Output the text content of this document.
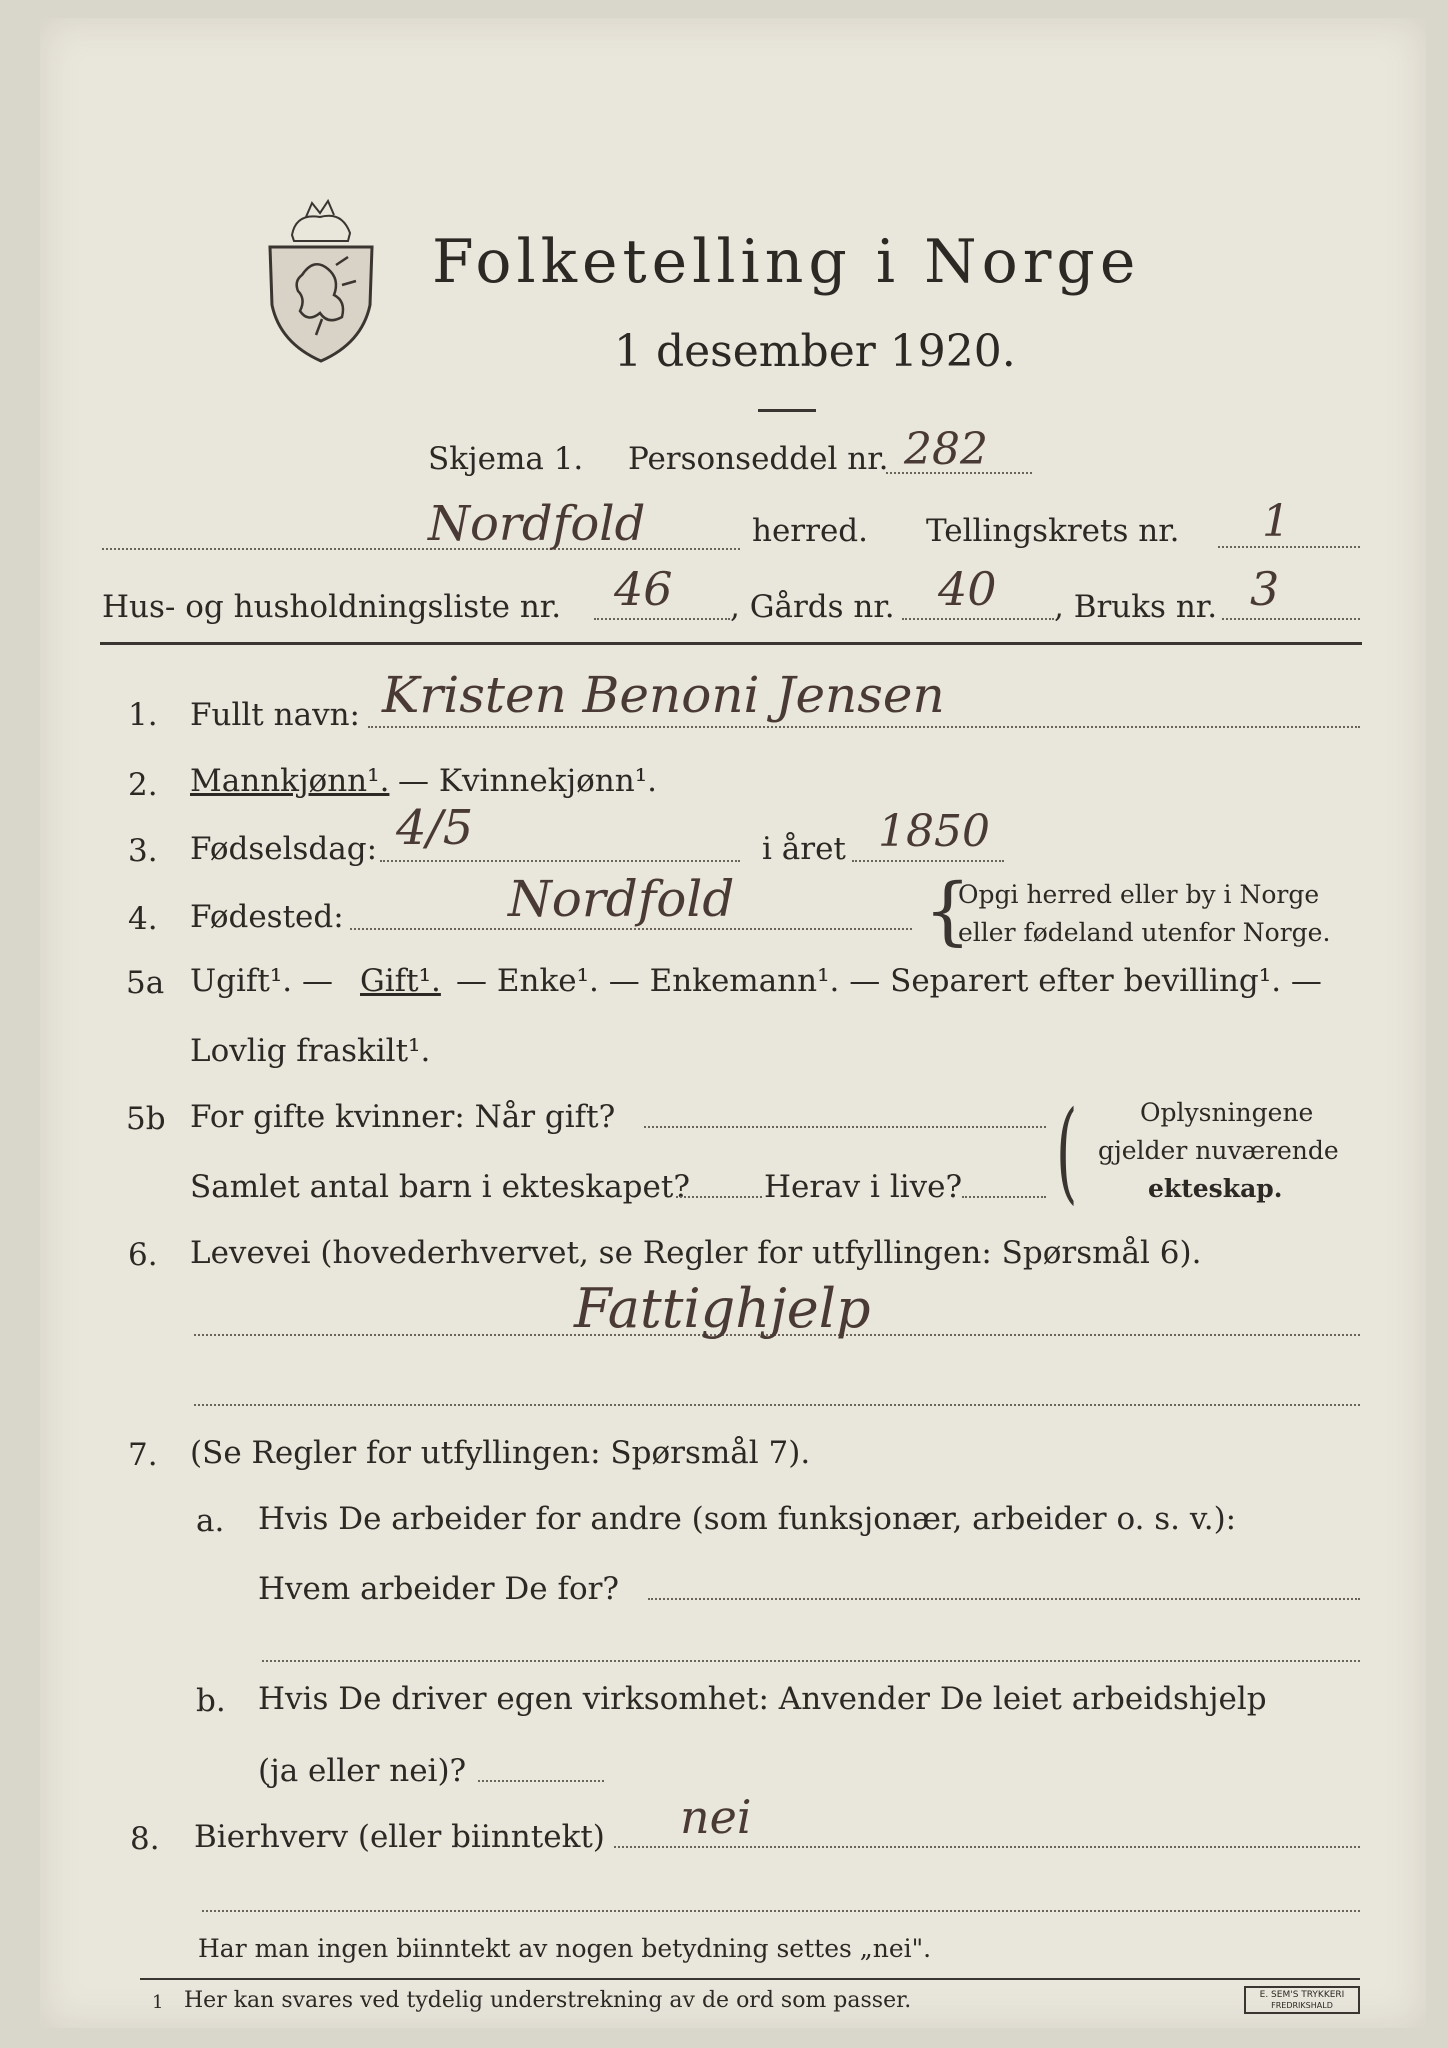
Folketelling i Norge
1 desember 1920.
Skjema 1. Personseddel nr. 282
Nordfold	herred. Tellingskrets nr. 1
Hus- og husholdningsliste nr. 46 , Gårds nr. 40 , Bruks nr. 3
1. Fullt navn: Kristen Benoni Jensen
2. Mannkjønn¹. — Kvinnekjønn¹.
3. Fødselsdag: 4/5	i året 1850
4. Fødested:	Nordfold	{
Opgi herred eller by i Norge
eller fødeland utenfor Norge.
5a Ugift¹. — Gift¹. — Enke¹. — Enkemann¹. — Separert efter bevilling¹. —
Lovlig fraskilt¹.
5b For gifte kvinner: Når gift?
Samlet antal barn i ekteskapet? Herav i live? (	Oplysningene
gjelder nuværende
ekteskap.
6. Levevei (hovederhvervet, se Regler for utfyllingen: Spørsmål 6).
Fattighjelp
7. (Se Regler for utfyllingen: Spørsmål 7).
a. Hvis De arbeider for andre (som funksjonær, arbeider o. s. v.):
Hvem arbeider De for?
b. Hvis De driver egen virksomhet: Anvender De leiet arbeidshjelp
(ja eller nei)?
8. Bierhverv (eller biinntekt) nei
Har man ingen biinntekt av nogen betydning settes „nei".
1 Her kan svares ved tydelig understrekning av de ord som passer.	E. SEM'S TRYKKERI
FREDRIKSHALD
